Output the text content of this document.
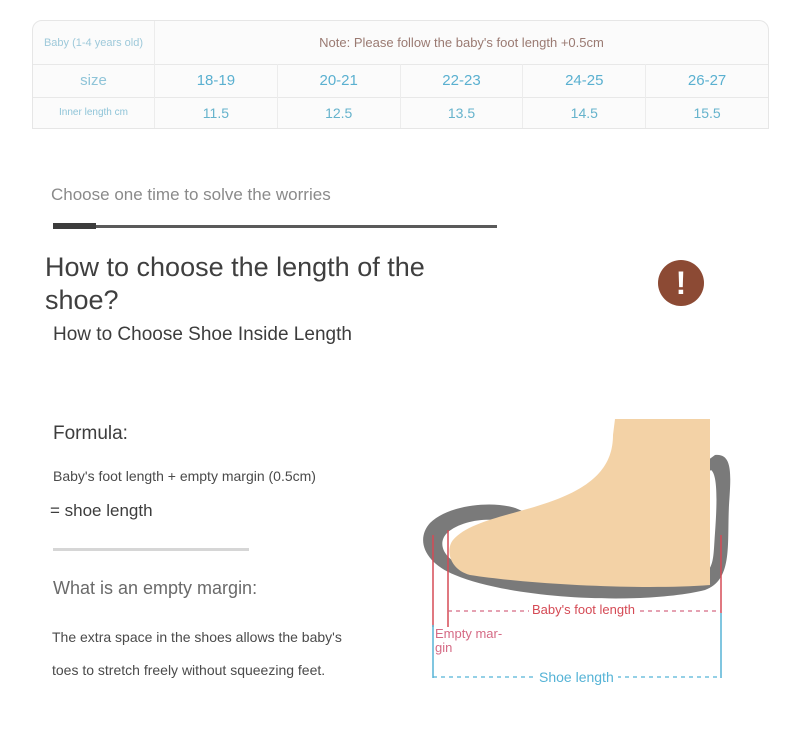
Baby (1-4 years old)	Note: Please follow the baby's foot length +0.5cm
size	18-19	20-21	22-23	24-25	26-27
Inner length cm	11.5	12.5	13.5	14.5	15.5
Choose one time to solve the worries
How to choose the length of the shoe?
How to Choose Shoe Inside Length
!
Formula:
Baby's foot length + empty margin (0.5cm)
= shoe length
What is an empty margin:
The extra space in the shoes allows the baby's
toes to stretch freely without squeezing feet.
Baby's foot length
Empty mar-gin
Shoe length
